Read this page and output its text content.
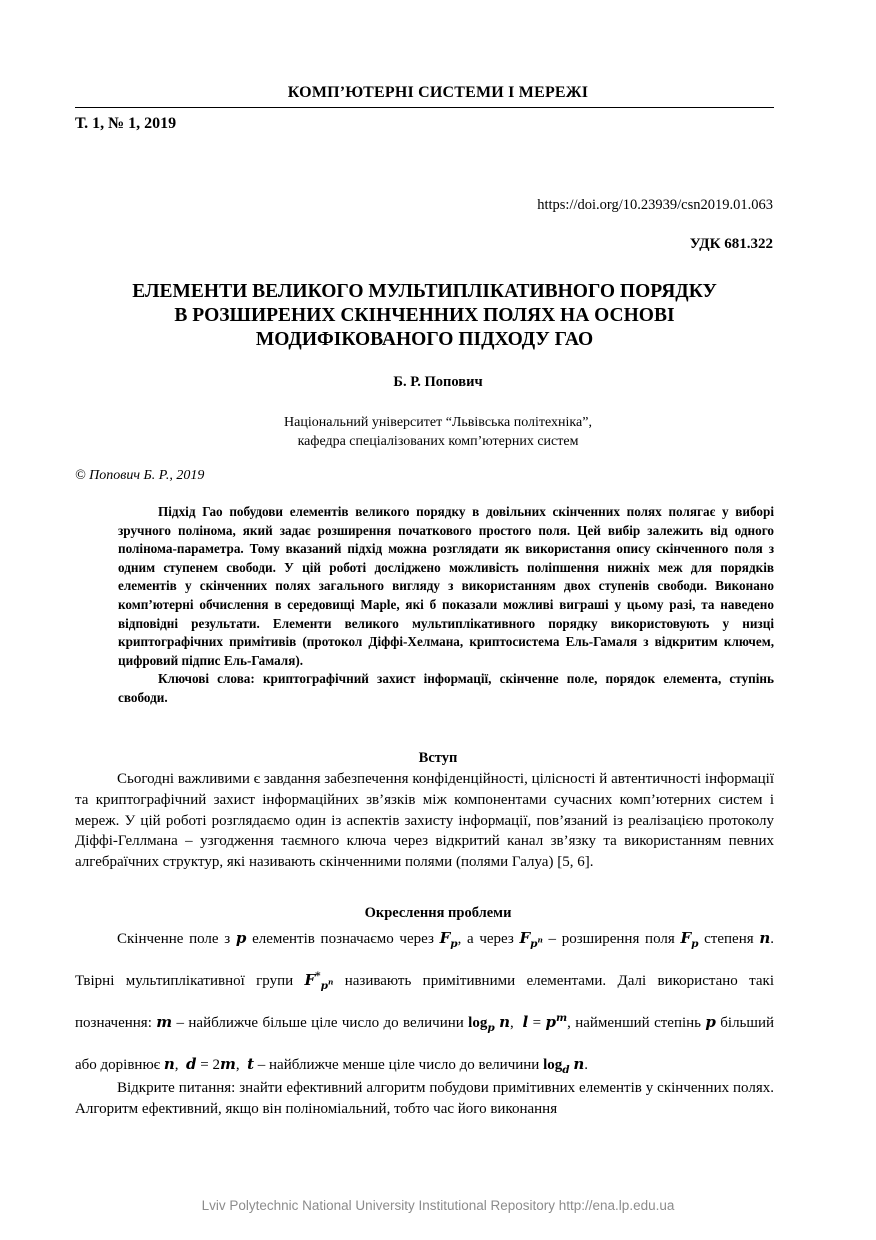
КОМП’ЮТЕРНІ СИСТЕМИ І МЕРЕЖІ
Т. 1, № 1, 2019
https://doi.org/10.23939/csn2019.01.063
УДК 681.322
ЕЛЕМЕНТИ ВЕЛИКОГО МУЛЬТИПЛІКАТИВНОГО ПОРЯДКУ
В РОЗШИРЕНИХ СКІНЧЕННИХ ПОЛЯХ НА ОСНОВІ
МОДИФІКОВАНОГО ПІДХОДУ ГАО
Б. Р. Попович
Національний університет “Львівська політехніка”,
кафедра спеціалізованих комп’ютерних систем
© Попович Б. Р., 2019

Підхід Гао побудови елементів великого порядку в довільних скінченних полях полягає у виборі зручного полінома, який задає розширення початкового простого поля. Цей вибір залежить від одного полінома-параметра. Тому вказаний підхід можна розглядати як використання опису скінченного поля з одним ступенем свободи. У цій роботі досліджено можливість поліпшення нижніх меж для порядків елементів у скінченних полях загального вигляду з використанням двох ступенів свободи. Виконано комп’ютерні обчислення в середовищі Maple, які б показали можливі виграші у цьому разі, та наведено відповідні результати. Елементи великого мультиплікативного порядку використовують у низці криптографічних примітивів (протокол Діффі-Хелмана, криптосистема Ель-Гамаля з відкритим ключем, цифровий підпис Ель-Гамаля).

Ключові слова: криптографічний захист інформації, скінченне поле, порядок елемента, ступінь свободи.

Вступ

Сьогодні важливими є завдання забезпечення конфіденційності, цілісності й автентичності інформації та криптографічний захист інформаційних зв’язків між компонентами сучасних комп’ютерних систем і мереж. У цій роботі розглядаємо один із аспектів захисту інформації, пов’язаний із реалізацією протоколу Діффі-Геллмана – узгодження таємного ключа через відкритий канал зв’язку та використанням певних алгебраїчних структур, які називають скінченними полями (полями Галуа) [5, 6].

Окреслення проблеми

Скінченне поле з p елементів позначаємо через $F_p$, а через $F_{p^n}$ – розширення поля $F_p$ степеня n. Твірні мультиплікативної групи $F^*_{p^n}$ називають примітивними елементами. Далі використано такі позначення: m – найближче більше ціле число до величини $\log_p n$,  $l = p^m$, найменший степінь p більший або дорівнює n,  d = 2m,  t – найближче менше ціле число до величини $\log_d n$.

Відкрите питання: знайти ефективний алгоритм побудови примітивних елементів у скінченних полях. Алгоритм ефективний, якщо він поліноміальний, тобто час його виконання

Lviv Polytechnic National University Institutional Repository http://ena.lp.edu.ua
